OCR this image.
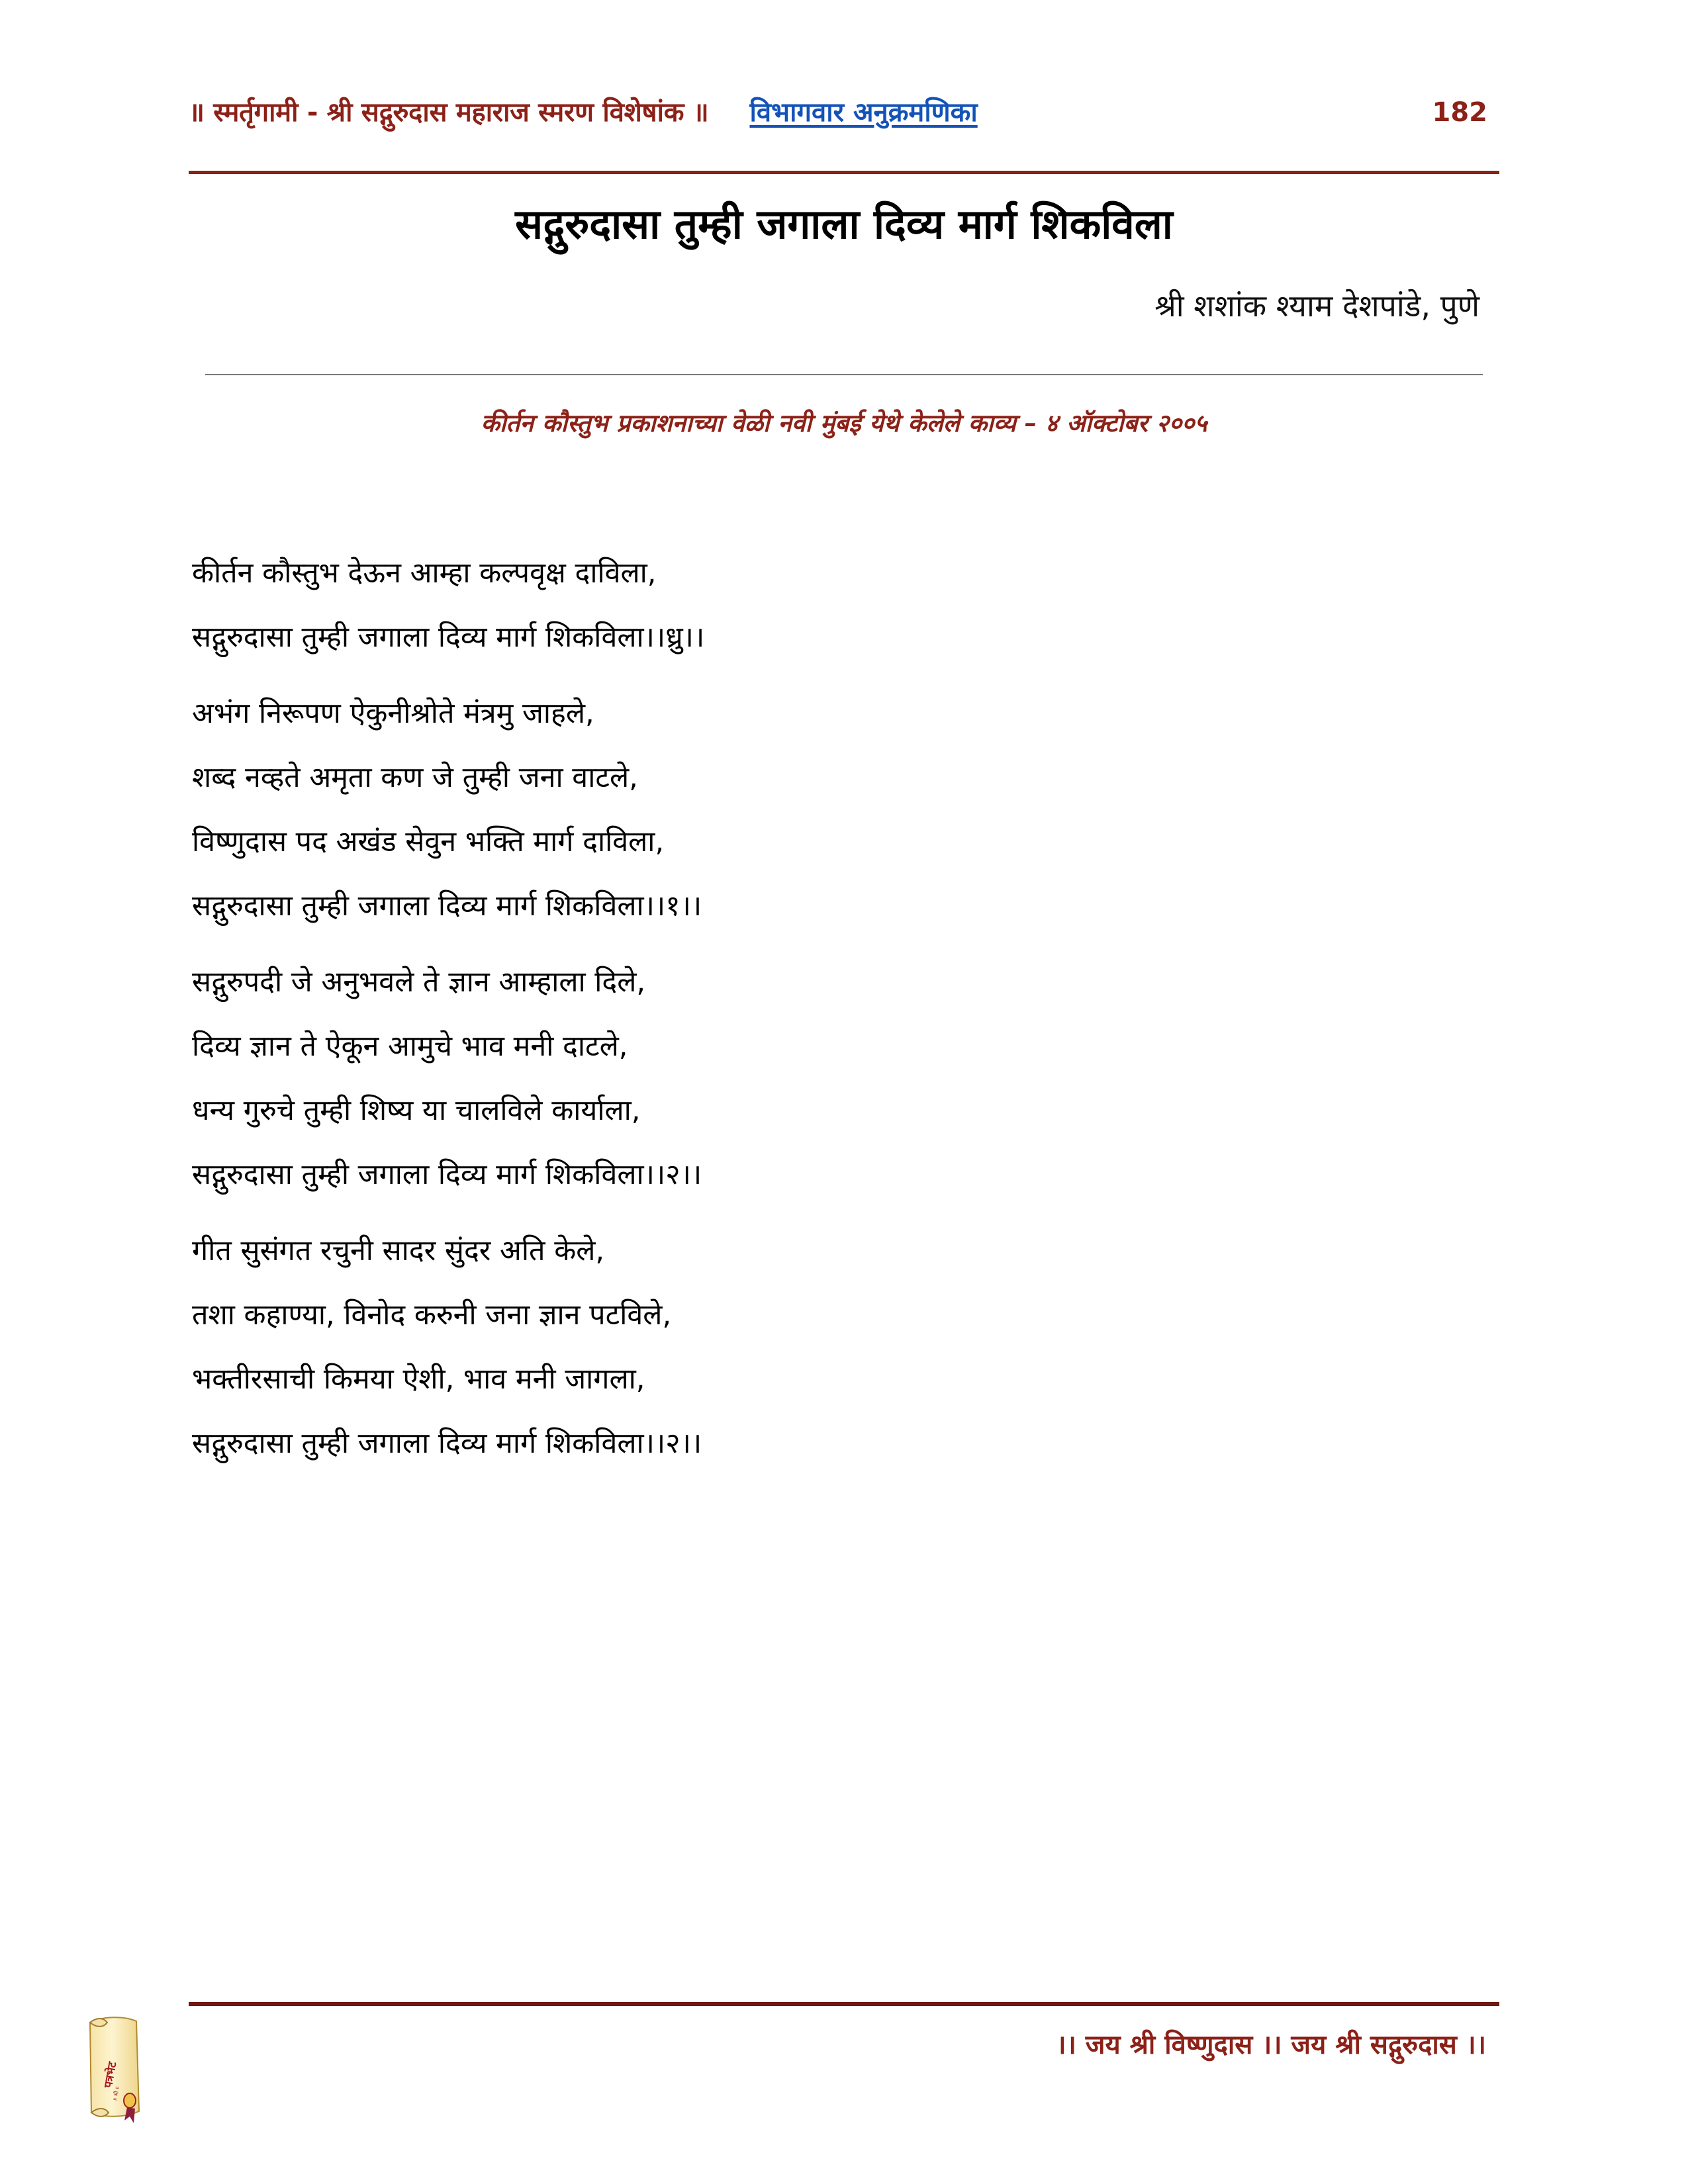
॥ स्मर्तृगामी - श्री सद्गुरुदास महाराज स्मरण विशेषांक ॥ विभागवार अनुक्रमणिका	182
सद्गुरुदासा तुम्ही जगाला दिव्य मार्ग शिकविला
श्री शशांक श्याम देशपांडे, पुणे
कीर्तन कौस्तुभ प्रकाशनाच्या वेळी नवी मुंबई येथे केलेले काव्य – ४ ऑक्टोबर २००५
कीर्तन कौस्तुभ देऊन आम्हा कल्पवृक्ष दाविला,
सद्गुरुदासा तुम्ही जगाला दिव्य मार्ग शिकविला।।ध्रु।।
अभंग निरूपण ऐकुनीश्रोते मंत्रमु जाहले,
शब्द नव्हते अमृता कण जे तुम्ही जना वाटले,
विष्णुदास पद अखंड सेवुन भक्ति मार्ग दाविला,
सद्गुरुदासा तुम्ही जगाला दिव्य मार्ग शिकविला।।१।।
सद्गुरुपदी जे अनुभवले ते ज्ञान आम्हाला दिले,
दिव्य ज्ञान ते ऐकून आमुचे भाव मनी दाटले,
धन्य गुरुचे तुम्ही शिष्य या चालविले कार्याला,
सद्गुरुदासा तुम्ही जगाला दिव्य मार्ग शिकविला।।२।।
गीत सुसंगत रचुनी सादर सुंदर अति केले,
तशा कहाण्या, विनोद करुनी जना ज्ञान पटविले,
भक्तीरसाची किमया ऐशी, भाव मनी जागला,
सद्गुरुदासा तुम्ही जगाला दिव्य मार्ग शिकविला।।२।।
।। जय श्री विष्णुदास ।। जय श्री सद्गुरुदास ।।
पत्रभेट
॥ श्री ॥
